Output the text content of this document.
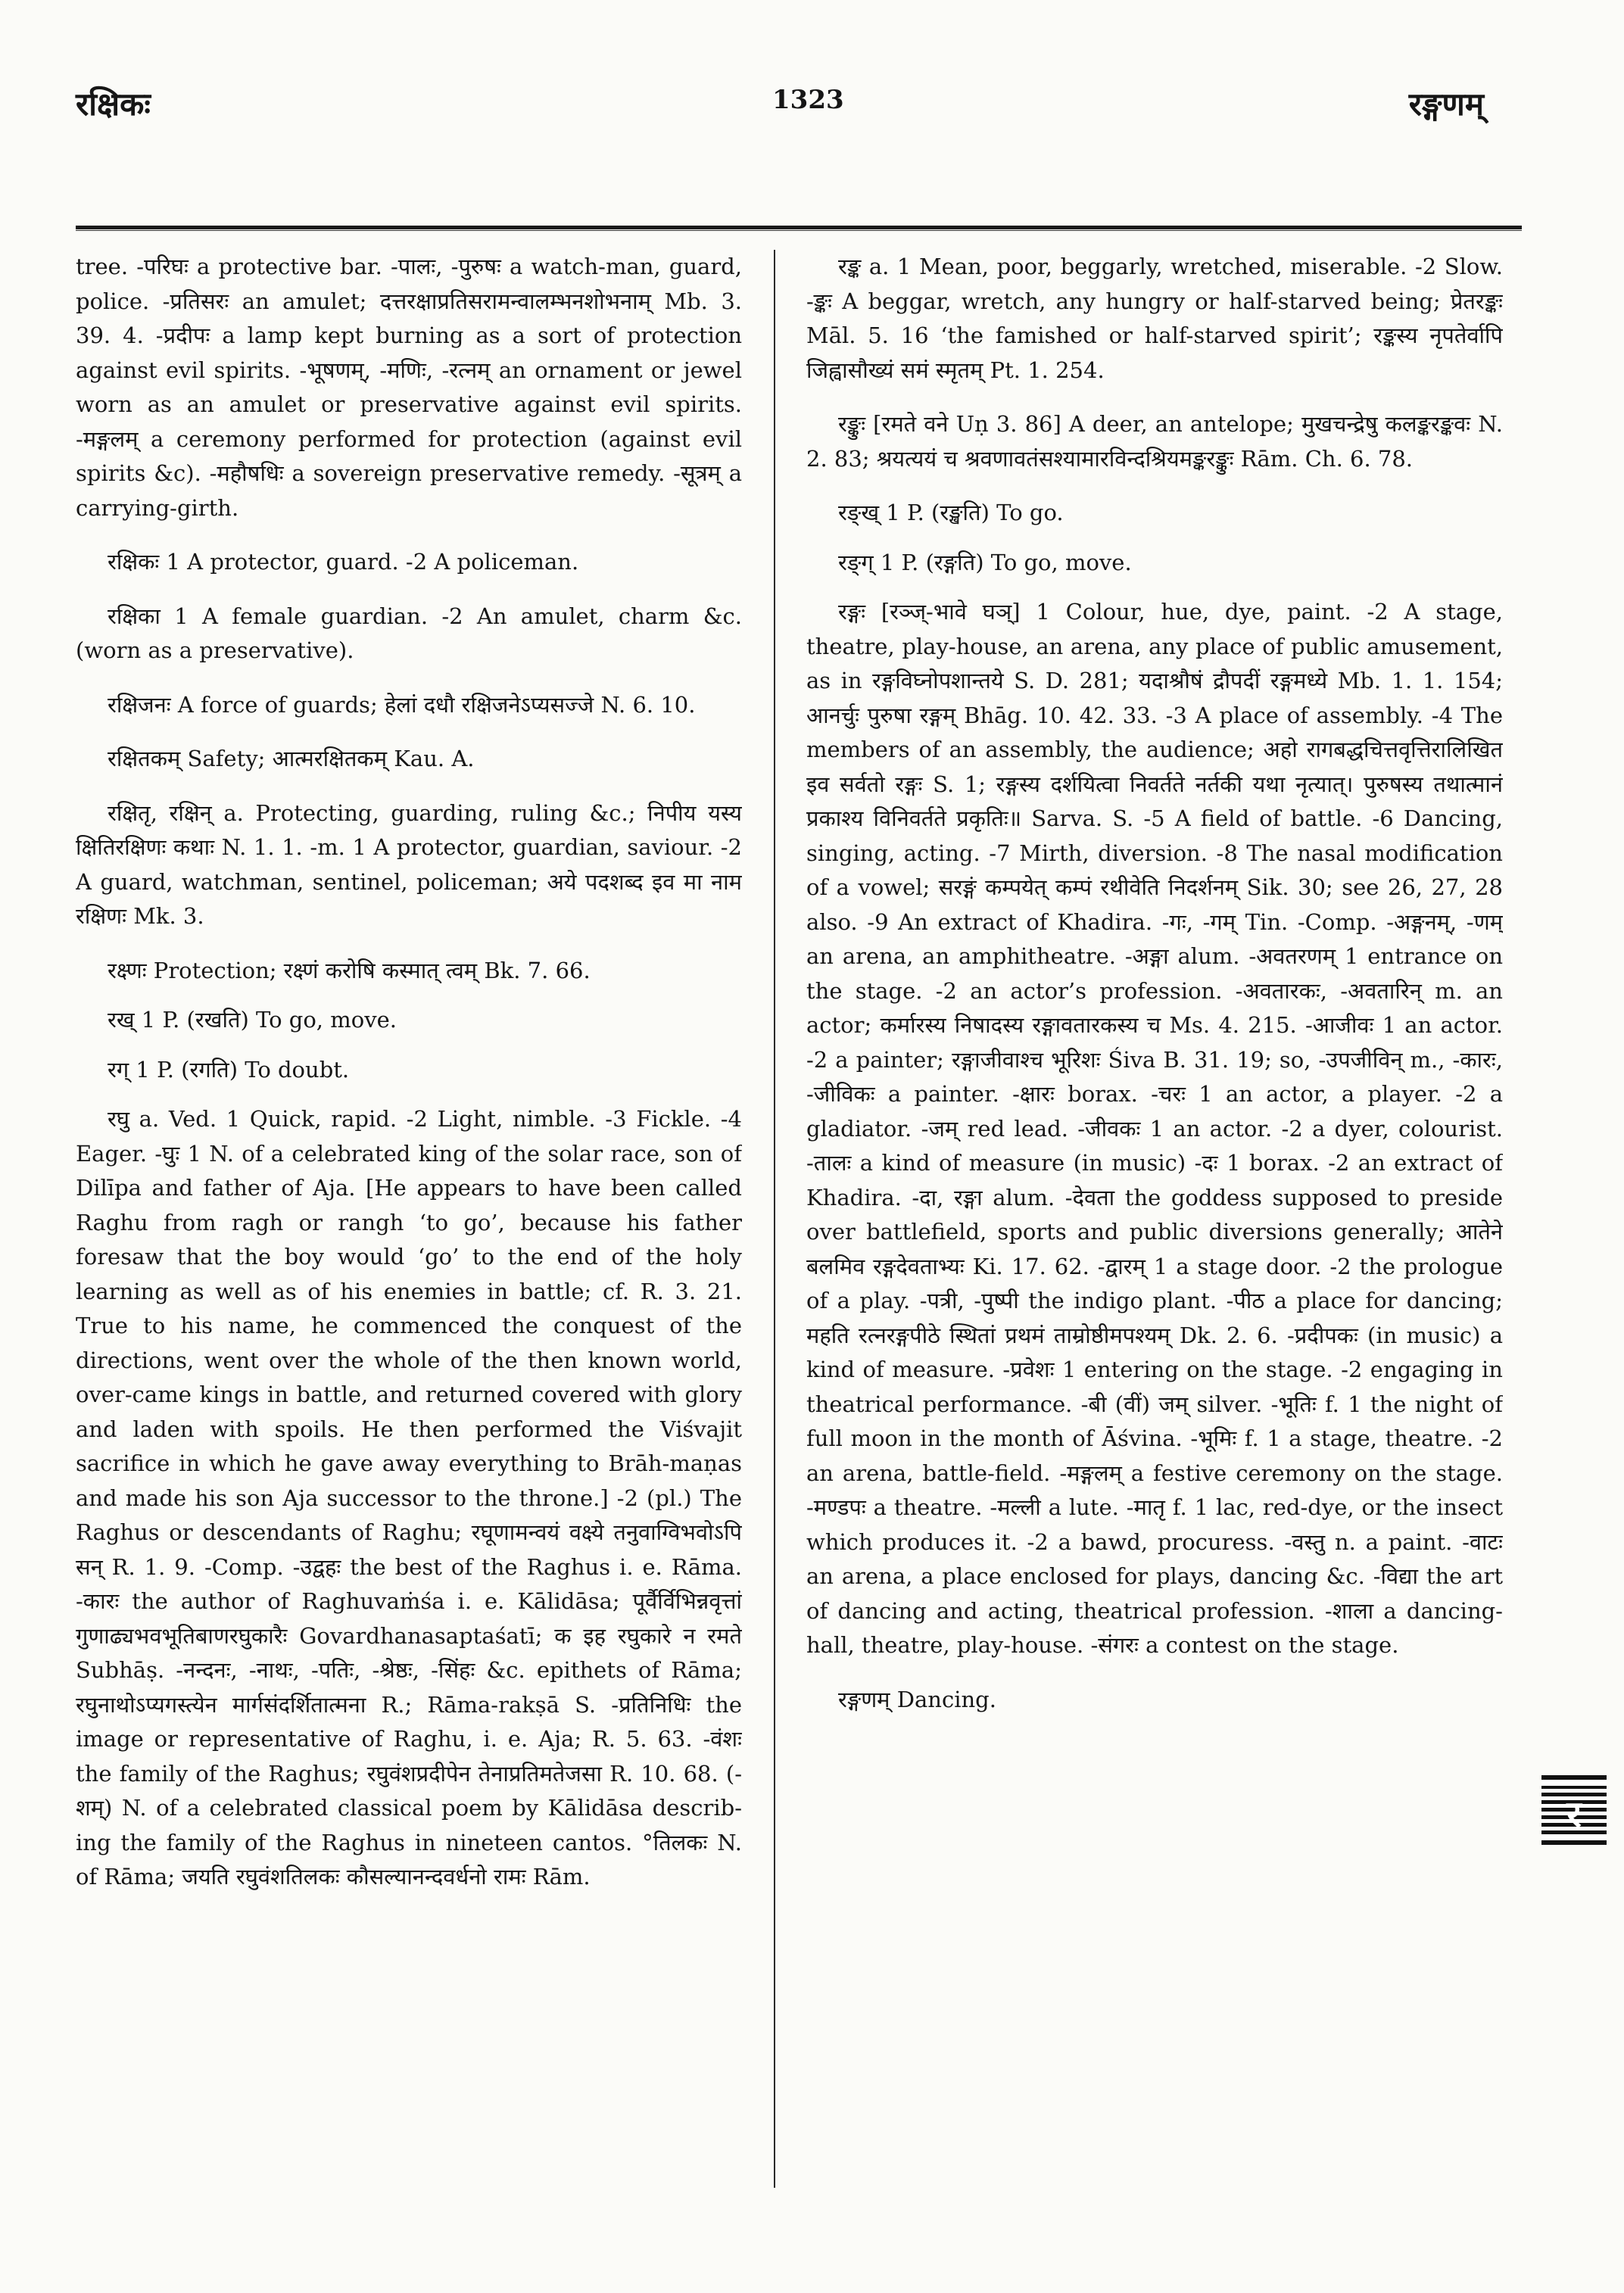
रक्षिकः	1323	रङ्गणम्

tree. -परिघः a protective bar. -पालः, -पुरुषः a watch-man, guard, police. -प्रतिसरः an amulet; दत्तरक्षाप्रतिसरामन्वालम्भनशोभनाम् Mb. 3. 39. 4. -प्रदीपः a lamp kept burning as a sort of protection against evil spirits. -भूषणम्, -मणिः, -रत्नम् an ornament or jewel worn as an amulet or preservative against evil spirits. -मङ्गलम् a ceremony performed for protection (against evil spirits &c). -महौषधिः a sovereign preservative remedy. -सूत्रम् a carrying-girth.

रक्षिकः 1 A protector, guard. -2 A policeman.

रक्षिका 1 A female guardian. -2 An amulet, charm &c. (worn as a preservative).

रक्षिजनः A force of guards; हेलां दधौ रक्षिजनेऽप्यसज्जे N. 6. 10.

रक्षितकम् Safety; आत्मरक्षितकम् Kau. A.

रक्षितृ, रक्षिन् a. Protecting, guarding, ruling &c.; निपीय यस्य क्षितिरक्षिणः कथाः N. 1. 1. -m. 1 A protector, guardian, saviour. -2 A guard, watchman, sentinel, policeman; अये पदशब्द इव मा नाम रक्षिणः Mk. 3.

रक्ष्णः Protection; रक्ष्णं करोषि कस्मात् त्वम् Bk. 7. 66.

रख् 1 P. (रखति) To go, move.

रग् 1 P. (रगति) To doubt.

रघु a. Ved. 1 Quick, rapid. -2 Light, nimble. -3 Fickle. -4 Eager. -घुः 1 N. of a celebrated king of the solar race, son of Dilīpa and father of Aja. [He appears to have been called Raghu from ragh or rangh ‘to go’, because his father foresaw that the boy would ‘go’ to the end of the holy learning as well as of his enemies in battle; cf. R. 3. 21. True to his name, he commenced the conquest of the directions, went over the whole of the then known world, over-came kings in battle, and returned covered with glory and laden with spoils. He then performed the Viśvajit sacrifice in which he gave away everything to Brāh-maṇas and made his son Aja successor to the throne.] -2 (pl.) The Raghus or descendants of Raghu; रघूणामन्वयं वक्ष्ये तनुवाग्विभवोऽपि सन् R. 1. 9. -Comp. -उद्वहः the best of the Raghus i. e. Rāma. -कारः the author of Raghuvaṁśa i. e. Kālidāsa; पूर्वैर्विभिन्नवृत्तां गुणाढ्यभवभूतिबाणरघुकारैः Govardhanasaptaśatī; क इह रघुकारे न रमते Subhāṣ. -नन्दनः, -नाथः, -पतिः, -श्रेष्ठः, -सिंहः &c. epithets of Rāma; रघुनाथोऽप्यगस्त्येन मार्गसंदर्शितात्मना R.; Rāma-rakṣā S. -प्रतिनिधिः the image or representative of Raghu, i. e. Aja; R. 5. 63. -वंशः the family of the Raghus; रघुवंशप्रदीपेन तेनाप्रतिमतेजसा R. 10. 68. (-शम्) N. of a celebrated classical poem by Kālidāsa describ-ing the family of the Raghus in nineteen cantos. °तिलकः N. of Rāma; जयति रघुवंशतिलकः कौसल्यानन्दवर्धनो रामः Rām.

रङ्क a. 1 Mean, poor, beggarly, wretched, miserable. -2 Slow. -ङ्कः A beggar, wretch, any hungry or half-starved being; प्रेतरङ्कः Māl. 5. 16 ‘the famished or half-starved spirit’; रङ्कस्य नृपतेर्वापि जिह्वासौख्यं समं स्मृतम् Pt. 1. 254.

रङ्कुः [रमते वने Uṇ 3. 86] A deer, an antelope; मुखचन्द्रेषु कलङ्करङ्कवः N. 2. 83; श्रयत्ययं च श्रवणावतंसश्यामारविन्दश्रियमङ्करङ्कुः Rām. Ch. 6. 78.

रङ्ख् 1 P. (रङ्खति) To go.

रङ्ग् 1 P. (रङ्गति) To go, move.

रङ्गः [रञ्ज्-भावे घञ्] 1 Colour, hue, dye, paint. -2 A stage, theatre, play-house, an arena, any place of public amusement, as in रङ्गविघ्नोपशान्तये S. D. 281; यदाश्रौषं द्रौपदीं रङ्गमध्ये Mb. 1. 1. 154; आनर्चुः पुरुषा रङ्गम् Bhāg. 10. 42. 33. -3 A place of assembly. -4 The members of an assembly, the audience; अहो रागबद्धचित्तवृत्तिरालिखित इव सर्वतो रङ्गः S. 1; रङ्गस्य दर्शयित्वा निवर्तते नर्तकी यथा नृत्यात्। पुरुषस्य तथात्मानं प्रकाश्य विनिवर्तते प्रकृतिः॥ Sarva. S. -5 A field of battle. -6 Dancing, singing, acting. -7 Mirth, diversion. -8 The nasal modification of a vowel; सरङ्गं कम्पयेत् कम्पं रथीवेति निदर्शनम् Sik. 30; see 26, 27, 28 also. -9 An extract of Khadira. -गः, -गम् Tin. -Comp. -अङ्गनम्, -णम् an arena, an amphitheatre. -अङ्गा alum. -अवतरणम् 1 entrance on the stage. -2 an actor’s profession. -अवतारकः, -अवतारिन् m. an actor; कर्मारस्य निषादस्य रङ्गावतारकस्य च Ms. 4. 215. -आजीवः 1 an actor. -2 a painter; रङ्गाजीवाश्च भूरिशः Śiva B. 31. 19; so, -उपजीविन् m., -कारः, -जीविकः a painter. -क्षारः borax. -चरः 1 an actor, a player. -2 a gladiator. -जम् red lead. -जीवकः 1 an actor. -2 a dyer, colourist. -तालः a kind of measure (in music) -दः 1 borax. -2 an extract of Khadira. -दा, रङ्गा alum. -देवता the goddess supposed to preside over battlefield, sports and public diversions generally; आतेने बलमिव रङ्गदेवताभ्यः Ki. 17. 62. -द्वारम् 1 a stage door. -2 the prologue of a play. -पत्री, -पुष्पी the indigo plant. -पीठ a place for dancing; महति रत्नरङ्गपीठे स्थितां प्रथमं ताम्रोष्ठीमपश्यम् Dk. 2. 6. -प्रदीपकः (in music) a kind of measure. -प्रवेशः 1 entering on the stage. -2 engaging in theatrical performance. -बी (वीं) जम् silver. -भूतिः f. 1 the night of full moon in the month of Āśvina. -भूमिः f. 1 a stage, theatre. -2 an arena, battle-field. -मङ्गलम् a festive ceremony on the stage. -मण्डपः a theatre. -मल्ली a lute. -मातृ f. 1 lac, red-dye, or the insect which produces it. -2 a bawd, procuress. -वस्तु n. a paint. -वाटः an arena, a place enclosed for plays, dancing &c. -विद्या the art of dancing and acting, theatrical profession. -शाला a dancing-hall, theatre, play-house. -संगरः a contest on the stage.

रङ्गणम् Dancing.

र
